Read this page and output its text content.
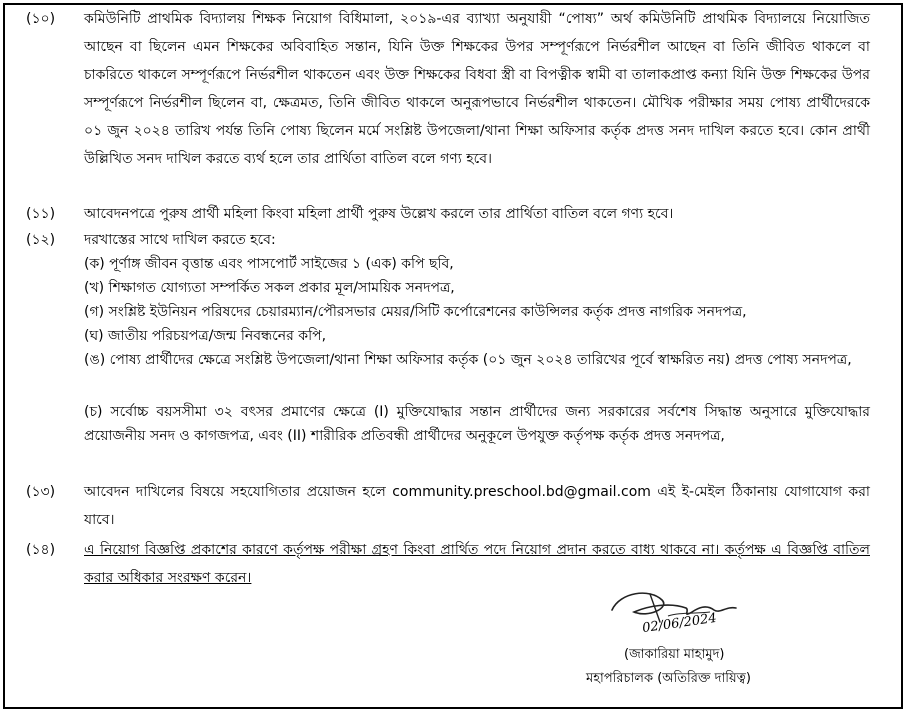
(১০) কমিউনিটি প্রাথমিক বিদ্যালয় শিক্ষক নিয়োগ বিধিমালা, ২০১৯-এর ব্যাখ্যা অনুযায়ী “পোষ্য” অর্থ কমিউনিটি প্রাথমিক বিদ্যালয়ে নিয়োজিত আছেন বা ছিলেন এমন শিক্ষকের অবিবাহিত সন্তান, যিনি উক্ত শিক্ষকের উপর সম্পূর্ণরূপে নির্ভরশীল আছেন বা তিনি জীবিত থাকলে বা চাকরিতে থাকলে সম্পূর্ণরূপে নির্ভরশীল থাকতেন এবং উক্ত শিক্ষকের বিধবা স্ত্রী বা বিপত্নীক স্বামী বা তালাকপ্রাপ্ত কন্যা যিনি উক্ত শিক্ষকের উপর সম্পূর্ণরূপে নির্ভরশীল ছিলেন বা, ক্ষেত্রমত, তিনি জীবিত থাকলে অনুরূপভাবে নির্ভরশীল থাকতেন। মৌখিক পরীক্ষার সময় পোষ্য প্রার্থীদেরকে ০১ জুন ২০২৪ তারিখ পর্যন্ত তিনি পোষ্য ছিলেন মর্মে সংশ্লিষ্ট উপজেলা/থানা শিক্ষা অফিসার কর্তৃক প্রদত্ত সনদ দাখিল করতে হবে। কোন প্রার্থী উল্লিখিত সনদ দাখিল করতে ব্যর্থ হলে তার প্রার্থিতা বাতিল বলে গণ্য হবে।
(১১) আবেদনপত্রে পুরুষ প্রার্থী মহিলা কিংবা মহিলা প্রার্থী পুরুষ উল্লেখ করলে তার প্রার্থিতা বাতিল বলে গণ্য হবে।
(১২) দরখাস্তের সাথে দাখিল করতে হবে:
(ক) পূর্ণাঙ্গ জীবন বৃত্তান্ত এবং পাসপোর্ট সাইজের ১ (এক) কপি ছবি,
(খ) শিক্ষাগত যোগ্যতা সম্পর্কিত সকল প্রকার মূল/সাময়িক সনদপত্র,
(গ) সংশ্লিষ্ট ইউনিয়ন পরিষদের চেয়ারম্যান/পৌরসভার মেয়র/সিটি কর্পোরেশনের কাউন্সিলর কর্তৃক প্রদত্ত নাগরিক সনদপত্র,
(ঘ) জাতীয় পরিচয়পত্র/জন্ম নিবন্ধনের কপি,
(ঙ) পোষ্য প্রার্থীদের ক্ষেত্রে সংশ্লিষ্ট উপজেলা/থানা শিক্ষা অফিসার কর্তৃক (০১ জুন ২০২৪ তারিখের পূর্বে স্বাক্ষরিত নয়) প্রদত্ত পোষ্য সনদপত্র,
(চ) সর্বোচ্চ বয়সসীমা ৩২ বৎসর প্রমাণের ক্ষেত্রে (I) মুক্তিযোদ্ধার সন্তান প্রার্থীদের জন্য সরকারের সর্বশেষ সিদ্ধান্ত অনুসারে মুক্তিযোদ্ধার প্রয়োজনীয় সনদ ও কাগজপত্র, এবং (II) শারীরিক প্রতিবন্ধী প্রার্থীদের অনুকূলে উপযুক্ত কর্তৃপক্ষ কর্তৃক প্রদত্ত সনদপত্র,
(১৩) আবেদন দাখিলের বিষয়ে সহযোগিতার প্রয়োজন হলে community.preschool.bd@gmail.com এই ই-মেইল ঠিকানায় যোগাযোগ করা যাবে।
(১৪) এ নিয়োগ বিজ্ঞপ্তি প্রকাশের কারণে কর্তৃপক্ষ পরীক্ষা গ্রহণ কিংবা প্রার্থিত পদে নিয়োগ প্রদান করতে বাধ্য থাকবে না। কর্তৃপক্ষ এ বিজ্ঞপ্তি বাতিল করার অধিকার সংরক্ষণ করেন।
02/06/2024
(জাকারিয়া মাহামুদ)
মহাপরিচালক (অতিরিক্ত দায়িত্ব)
